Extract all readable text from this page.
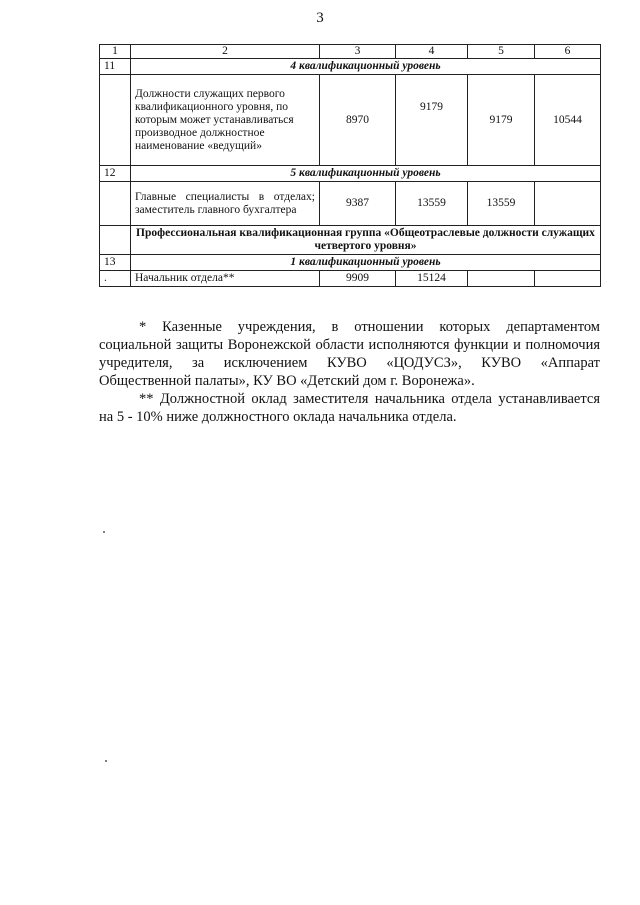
3
1	2	3	4	5	6
11	4 квалификационный уровень				
	Должности служащих первого квалификационного уровня, по которым может устанавливаться производное должностное наименование «ведущий»	8970	9179	9179	10544
12	5 квалификационный уровень				
	Главные специалисты в отделах; заместитель главного бухгалтера	9387	13559	13559	
	Профессиональная квалификационная группа «Общеотраслевые должности служащих четвертого уровня»				
13	1 квалификационный уровень				
.	Начальник отдела**	9909	15124		

* Казенные учреждения, в отношении которых департаментом социальной защиты Воронежской области исполняются функции и полномочия учредителя, за исключением КУВО «ЦОДУСЗ», КУВО «Аппарат Общественной палаты», КУ ВО «Детский дом г. Воронежа».

** Должностной оклад заместителя начальника отдела устанавливается на 5 - 10% ниже должностного оклада начальника отдела.
